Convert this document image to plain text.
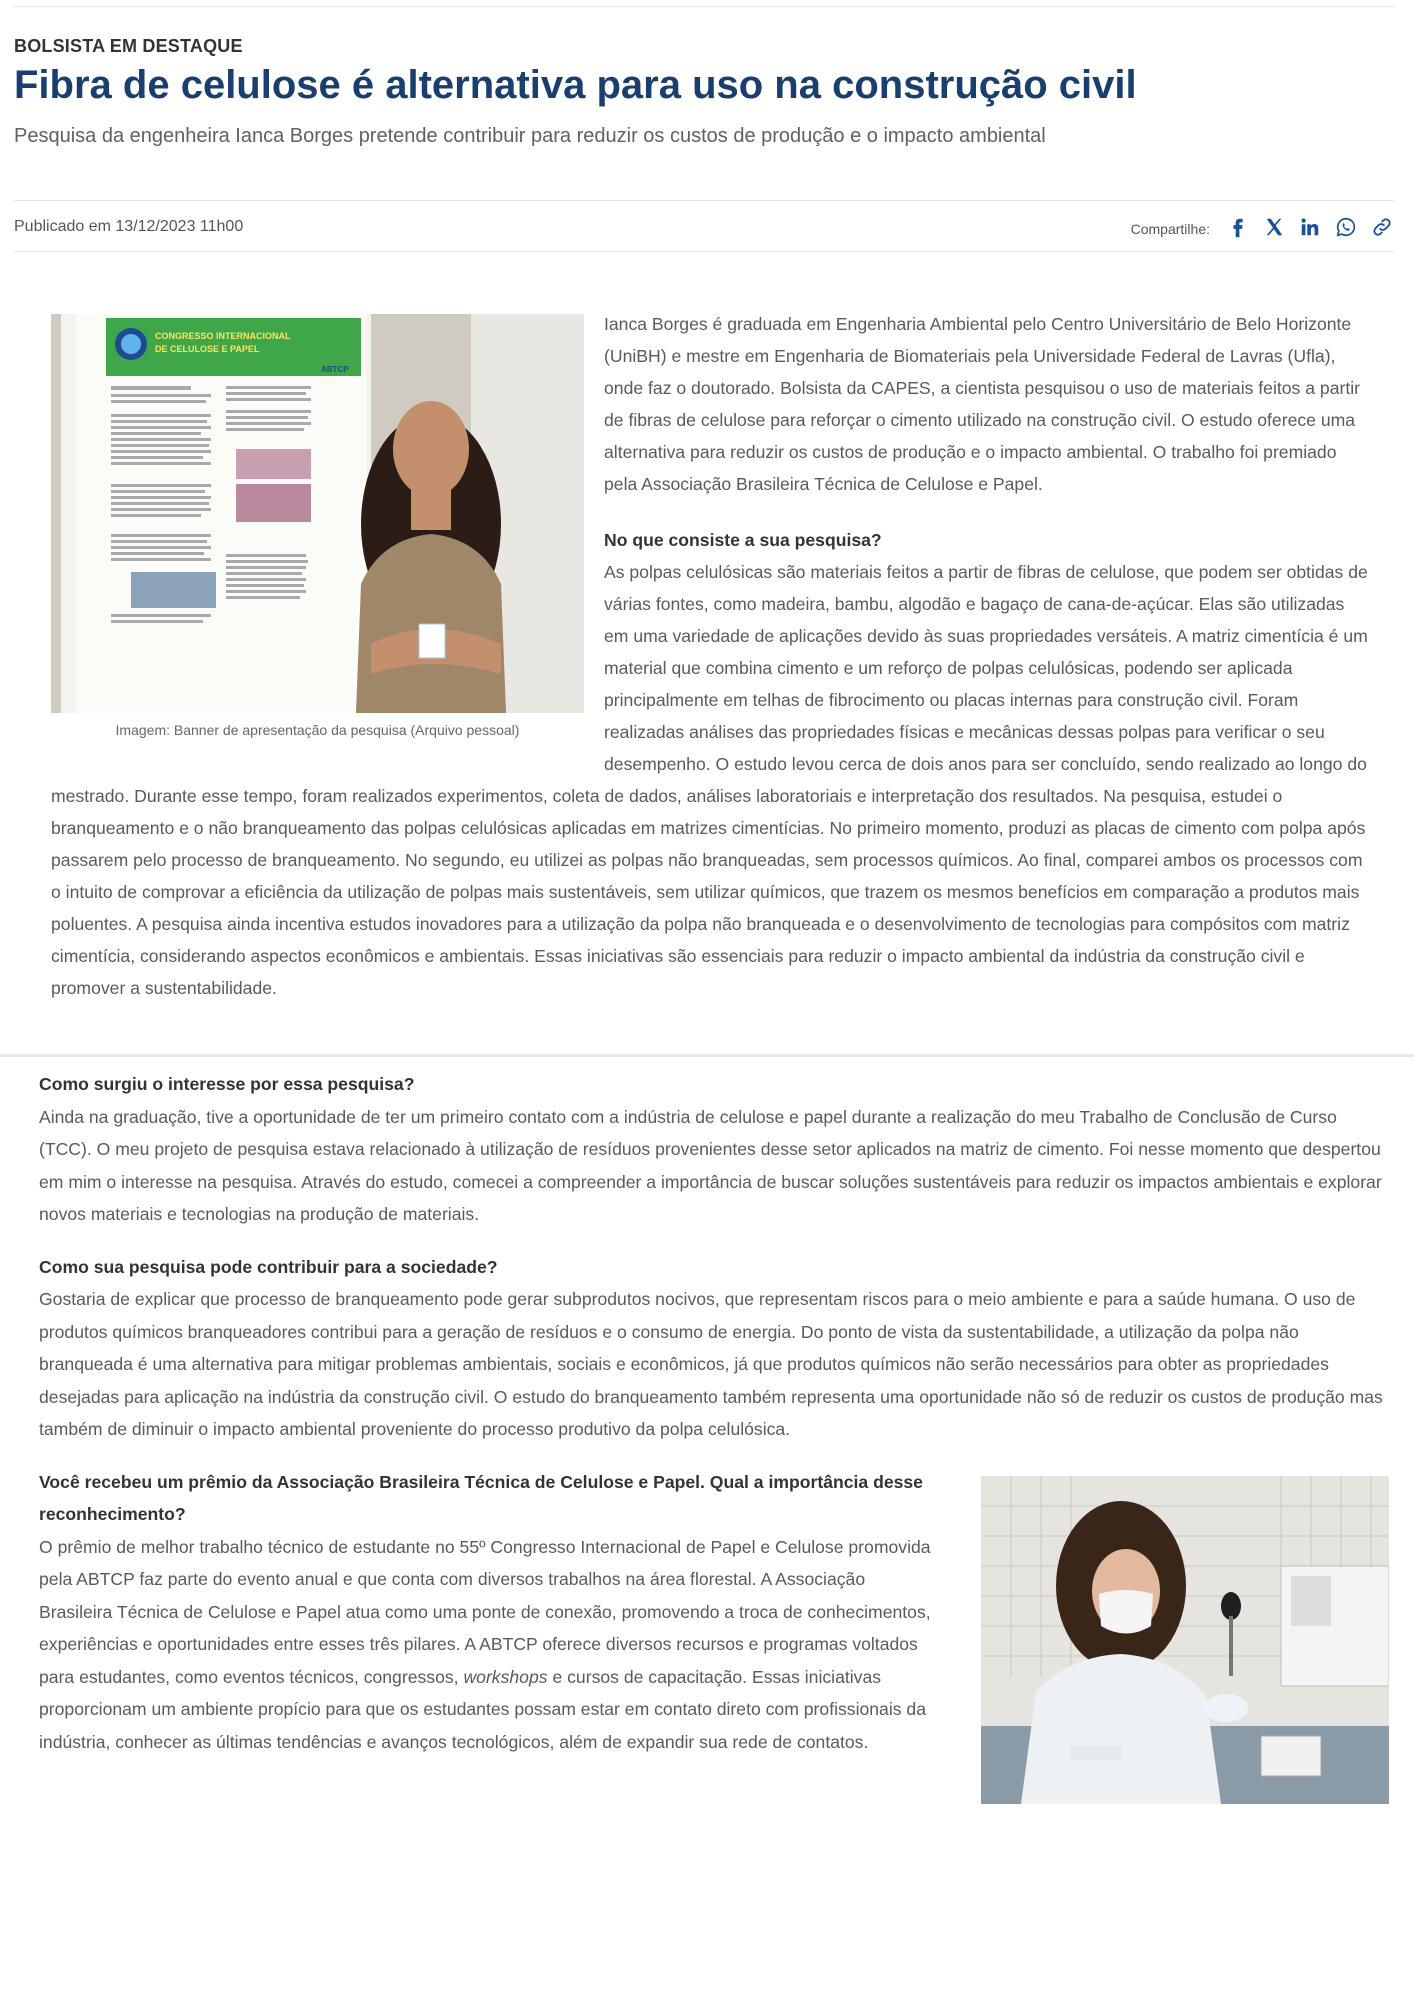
BOLSISTA EM DESTAQUE

Fibra de celulose é alternativa para uso na construção civil

Pesquisa da engenheira Ianca Borges pretende contribuir para reduzir os custos de produção e o impacto ambiental

Publicado em 13/12/2023 11h00	Compartilhe:
CONGRESSO INTERNACIONAL
DE CELULOSE E PAPEL
ABTCP
Imagem: Banner de apresentação da pesquisa (Arquivo pessoal)

Ianca Borges é graduada em Engenharia Ambiental pelo Centro Universitário de Belo Horizonte (UniBH) e mestre em Engenharia de Biomateriais pela Universidade Federal de Lavras (Ufla), onde faz o doutorado. Bolsista da CAPES, a cientista pesquisou o uso de materiais feitos a partir de fibras de celulose para reforçar o cimento utilizado na construção civil. O estudo oferece uma alternativa para reduzir os custos de produção e o impacto ambiental. O trabalho foi premiado pela Associação Brasileira Técnica de Celulose e Papel.

No que consiste a sua pesquisa?

As polpas celulósicas são materiais feitos a partir de fibras de celulose, que podem ser obtidas de várias fontes, como madeira, bambu, algodão e bagaço de cana-de-açúcar. Elas são utilizadas em uma variedade de aplicações devido às suas propriedades versáteis. A matriz cimentícia é um material que combina cimento e um reforço de polpas celulósicas, podendo ser aplicada principalmente em telhas de fibrocimento ou placas internas para construção civil. Foram realizadas análises das propriedades físicas e mecânicas dessas polpas para verificar o seu desempenho. O estudo levou cerca de dois anos para ser concluído, sendo realizado ao longo do mestrado. Durante esse tempo, foram realizados experimentos, coleta de dados, análises laboratoriais e interpretação dos resultados. Na pesquisa, estudei o branqueamento e o não branqueamento das polpas celulósicas aplicadas em matrizes cimentícias. No primeiro momento, produzi as placas de cimento com polpa após passarem pelo processo de branqueamento. No segundo, eu utilizei as polpas não branqueadas, sem processos químicos. Ao final, comparei ambos os processos com o intuito de comprovar a eficiência da utilização de polpas mais sustentáveis, sem utilizar químicos, que trazem os mesmos benefícios em comparação a produtos mais poluentes. A pesquisa ainda incentiva estudos inovadores para a utilização da polpa não branqueada e o desenvolvimento de tecnologias para compósitos com matriz cimentícia, considerando aspectos econômicos e ambientais. Essas iniciativas são essenciais para reduzir o impacto ambiental da indústria da construção civil e promover a sustentabilidade.

Como surgiu o interesse por essa pesquisa?

Ainda na graduação, tive a oportunidade de ter um primeiro contato com a indústria de celulose e papel durante a realização do meu Trabalho de Conclusão de Curso (TCC). O meu projeto de pesquisa estava relacionado à utilização de resíduos provenientes desse setor aplicados na matriz de cimento. Foi nesse momento que despertou em mim o interesse na pesquisa. Através do estudo, comecei a compreender a importância de buscar soluções sustentáveis para reduzir os impactos ambientais e explorar novos materiais e tecnologias na produção de materiais.

Como sua pesquisa pode contribuir para a sociedade?

Gostaria de explicar que processo de branqueamento pode gerar subprodutos nocivos, que representam riscos para o meio ambiente e para a saúde humana. O uso de produtos químicos branqueadores contribui para a geração de resíduos e o consumo de energia. Do ponto de vista da sustentabilidade, a utilização da polpa não branqueada é uma alternativa para mitigar problemas ambientais, sociais e econômicos, já que produtos químicos não serão necessários para obter as propriedades desejadas para aplicação na indústria da construção civil. O estudo do branqueamento também representa uma oportunidade não só de reduzir os custos de produção mas também de diminuir o impacto ambiental proveniente do processo produtivo da polpa celulósica.

Você recebeu um prêmio da Associação Brasileira Técnica de Celulose e Papel. Qual a importância desse reconhecimento?

O prêmio de melhor trabalho técnico de estudante no 55º Congresso Internacional de Papel e Celulose promovida pela ABTCP faz parte do evento anual e que conta com diversos trabalhos na área florestal. A Associação Brasileira Técnica de Celulose e Papel atua como uma ponte de conexão, promovendo a troca de conhecimentos, experiências e oportunidades entre esses três pilares. A ABTCP oferece diversos recursos e programas voltados para estudantes, como eventos técnicos, congressos, workshops e cursos de capacitação. Essas iniciativas proporcionam um ambiente propício para que os estudantes possam estar em contato direto com profissionais da indústria, conhecer as últimas tendências e avanços tecnológicos, além de expandir sua rede de contatos.
